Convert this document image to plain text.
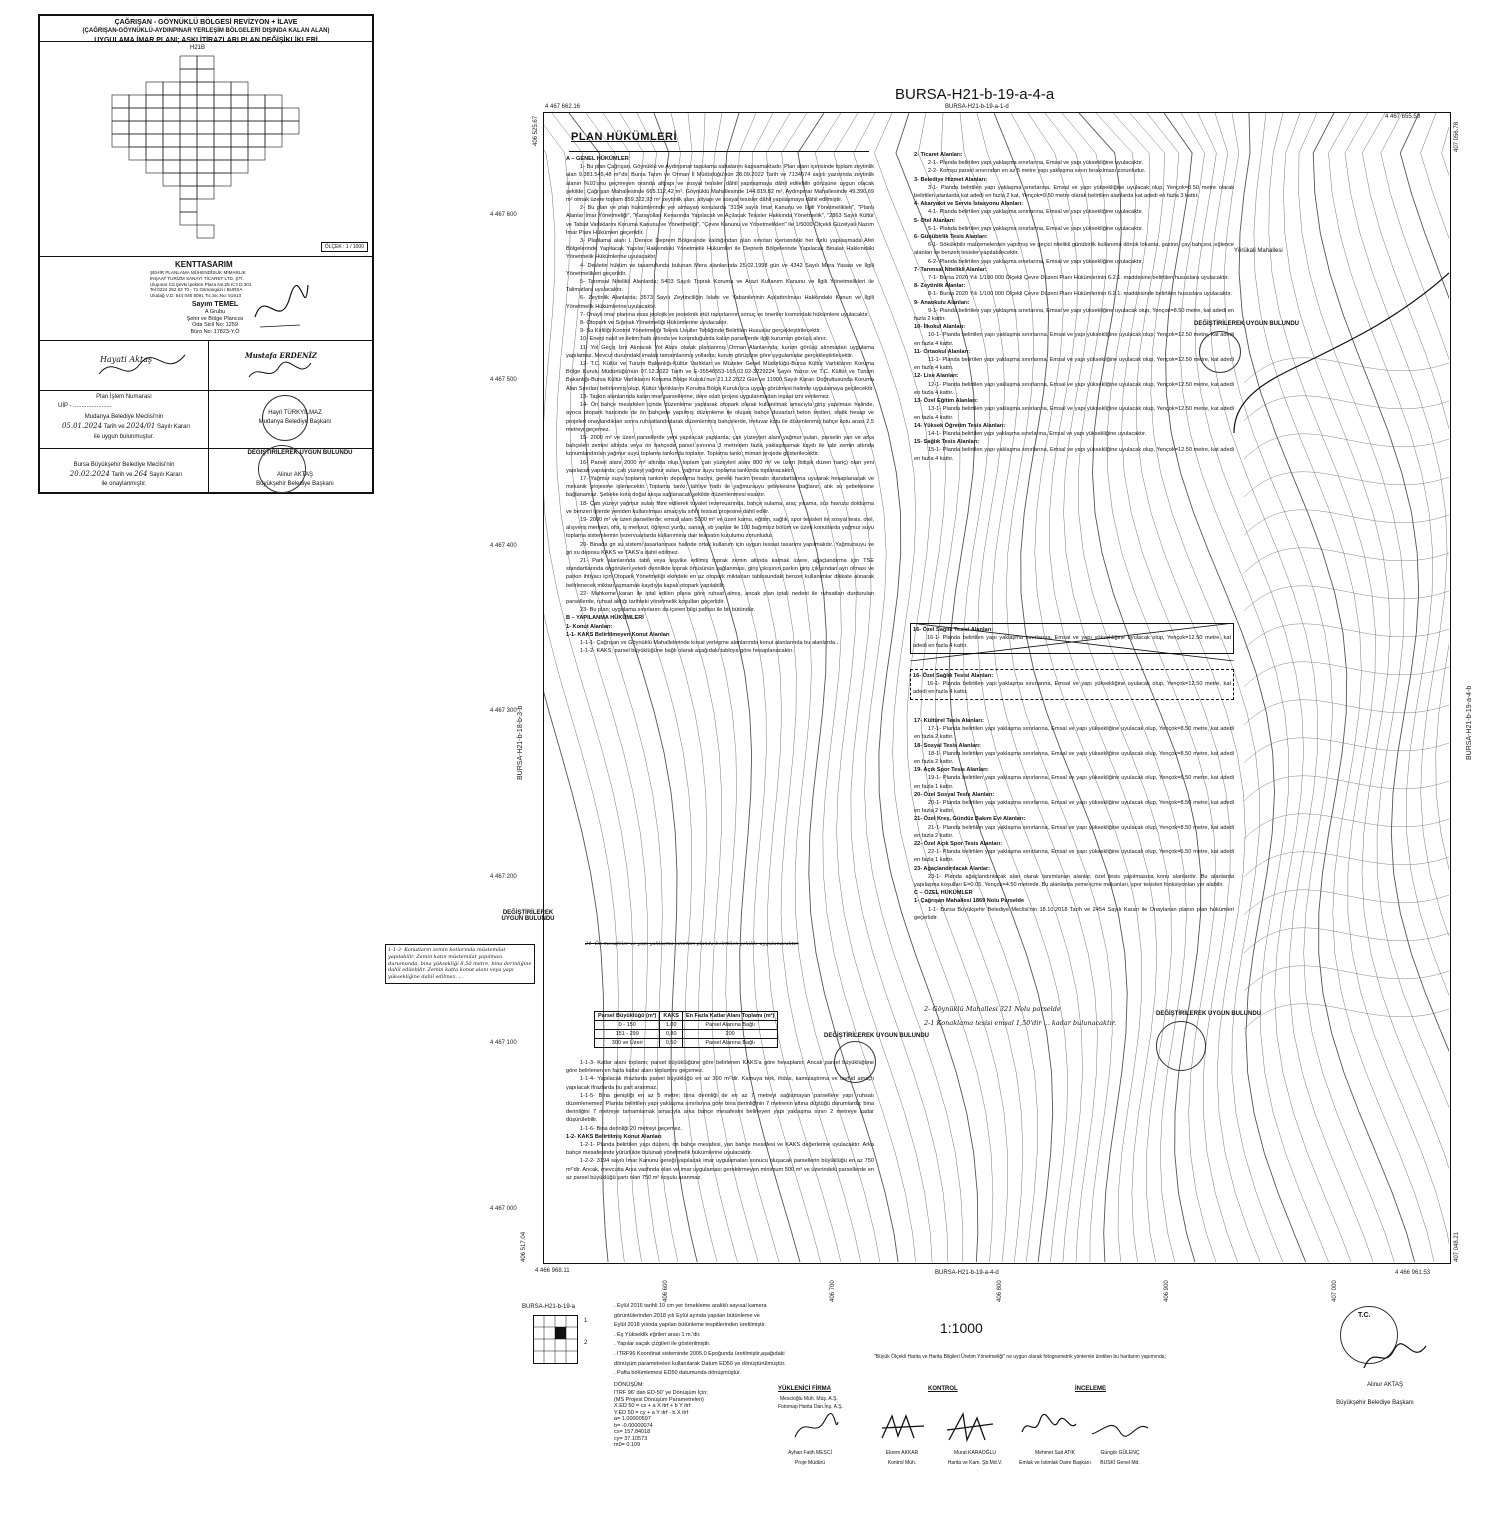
ÇAĞRIŞAN - GÖYNÜKLÜ BÖLGESİ REVİZYON + İLAVE
(ÇAĞRIŞAN-GÖYNÜKLÜ-AYDINPINAR YERLEŞİM BÖLGELERİ DIŞINDA KALAN ALAN)
UYGULAMA İMAR PLANI; ASKI İTİRAZLARI PLAN DEĞİŞİKLİKLERİ
H21B
ÖLÇEK : 1 / 1000
KENTTASARIM
ŞEHİR PLANLAMA MÜHENDİSLİK MİMARLIK
İNŞAAT TURİZM SANAYİ TİCARET LTD. ŞTİ.
Ulupınar Cd.Şevki İpekten Plaza No:28 K:3 D:301
Tel:0224 252 63 70 - 71 Osmangazi / BURSA
Uludağ V.D. 544 046 5091 Tic.Sic.No: 51913
Sayım TEMEL
A Grubu
Şehir ve Bölge Plancısı
Oda Sicil No: 1259
Büro No: 17823-Y.Ö
Hayati Aktaş	Mustafa ERDENİZ
Plan İşlem Numarası
UİP - .......................
Mudanya Belediye Meclisi'nin
05.01.2024 Tarih ve 2024/01 Sayılı Kararı
ile uygun bulunmuştur.
Hayri TÜRKYILMAZ
Mudanya Belediye Başkanı
Bursa Büyükşehir Belediye Meclisi'nin
20.02.2024 Tarih ve 264 Sayılı Kararı
ile onaylanmıştır.
DEĞİŞTİRİLEREK UYGUN BULUNDU
Alinur AKTAŞ
Büyükşehir Belediye Başkanı
BURSA-H21-b-19-a-4-a
BURSA-H21-b-19-a-1-d
4 467 662.16
4 467 655.58
4 466 968.11	4 466 961.53
406 525.67	407 056.78
406 517.04	407 048.21
BURSA-H21-b-19-a-4-d
BURSA-H21-b-18-b-3-b	BURSA-H21-b-19-a-4-b
4 467 600
4 467 500
4 467 400
4 467 300
4 467 200
4 467 100
4 467 000
406 600	406 700	406 800	406 900	407 000
Yörükali Mahallesi
PLAN HÜKÜMLERİ

A – GENEL HÜKÜMLER

1- Bu plan Çağrışan, Göynüklü ve Aydınpınar tapulama sahalarını kapsamaktadır. Plan alanı içerisinde toplam zeytinlik alan 9.381.545,48 m²'dir. Bursa Tarım ve Orman İl Müdürlüğü'nün 28.09.2022 Tarih ve 7134674 sayılı yazısında zeytinlik alanın %10'unu geçmeyen oranda altyapı ve sosyal tesisler dâhil yapılaşmaya dâhil edilebilir görüşüne uygun olacak şekilde; Çağrışan Mahallesinde 665.112,42 m², Göynüklü Mahallesinde 144.819,82 m², Aydınpınar Mahallesinde 49.390,69 m² olmak üzere toplam 859.322,93 m² zeytinlik alan, altyapı ve sosyal tesisler dâhil yapılaşmaya dâhil edilmiştir.

2- Bu plan ve plan hükümlerinde yer almayan konularda "3194 sayılı İmar Kanunu ve İlgili Yönetmelikleri", "Planlı Alanlar İmar Yönetmeliği", "Karayolları Kenarında Yapılacak ve Açılacak Tesisler Hakkında Yönetmelik", "2863 Sayılı Kültür ve Tabiat Varlıklarını Koruma Kanunu ve Yönetmeliği", "Çevre Kanunu ve Yönetmelikleri" ile 1/5000 Ölçekli Güzelyalı Nazım İmar Planı Hükümleri geçerlidir.

3- Planlama alanı I. Derece Deprem Bölgesinde kaldığından plan sınırları içerisindeki her türlü yapılaşmada Afet Bölgelerinde Yapılacak Yapılar Hakkındaki Yönetmelik Hükümleri ile Deprem Bölgelerinde Yapılacak Binalar Hakkındaki Yönetmelik Hükümlerine uyulacaktır.

4- Devletin hüküm ve tasarrufunda bulunan Mera alanlarında 25.02.1998 gün ve 4342 Sayılı Mera Yasası ve İlgili Yönetmelikleri geçerlidir.

5- Tarımsal Nitelikli Alanlarda; 5403 Sayılı Toprak Koruma ve Arazi Kullanım Kanunu ve İlgili Yönetmelikleri ile Talimatlara uyulacaktır.

6- Zeytinlik Alanlarda; 3573 Sayılı Zeytinciliğin Islahı ve Yabanilerinin Aşılattırılması Hakkındaki Kanun ve İlgili Yönetmelik Hükümlerine uyulacaktır.

7- Onaylı imar planına esas jeolojik ve jeoteknik etüt raporlarının sonuç ve öneriler kısmındaki hükümlere uyulacaktır.

8- Otopark ve Sığınak Yönetmeliği Hükümlerine uyulacaktır.

9- Su Kirliliği Kontrol Yönetmeliği Teknik Usuller Tebliğinde Belirtilen Hususlar gerçekleştirilecektir.

10- Enerji nakil ve iletim hattı altında ve korunduğunda kalan parsellerde ilgili kurumun görüşü alınır.

11- Yol Geçiş İzni Alınacak Yol Alanı olarak planlanmış Orman Alanlarında; kurum görüşü alınmadan uygulama yapılamaz. Mevcut durumdaki imalatı tamamlanmış yollarda; kurum görüşüne göre uygulamalar gerçekleştirilecektir.

12- T.C. Kültür ve Turizm Bakanlığı-Kültür Varlıkları ve Müzeler Genel Müdürlüğü-Bursa Kültür Varlıklarını Koruma Bölge Kurulu Müdürlüğü'nün 07.12.2022 Tarih ve E-35546553-165.02.02-3229224 Sayılı Yazısı ve T.C. Kültür ve Turizm Bakanlığı-Bursa Kültür Varlıklarını Koruma Bölge Kurulu'nun 21.12.2022 Gün ve 11900 Sayılı Kararı Doğrultusunda Koruma Alan Sınırları belirlenmiş olup, Kültür Varlıklarını Koruma Bölge Kurulu'nca uygun görülmesi halinde uygulamaya geçilecektir.

13- Taşkın alanlarında kalan imar parsellerine, dere ıslah projesi uygulanmadan inşaat izni verilemez.

14- Ön bahçe mesafeleri içinde düzenleme yapılarak otopark olarak kullanılmak amacıyla giriş yapılması halinde, ayrıca otopark haricinde de ön bahçede yapılmış düzenleme ile oluşan bahçe duvarları beton testleri, statik hesap ve projeleri onaylandıktan sonra ruhsatlandırılarak düzenlenmiş bahçelerde, tretuvar kotu ile düzenlenmiş bahçe kotu arası 2,5 metreyi geçemez.

15- 2000 m² ve üzeri parsellerde yeni yapılacak yapılarda; çatı yüzeyleri alanı yağmur suları, parselin yan ve arka bahçeleri zemini altında veya ön bahçede parsel sınırına 3 metreden fazla yaklaşmamak kaydı ile tabi zemin altında konumlandırılan yağmur suyu toplama tankında toplanır. Toplama tankı; mimari projede gösterilecektir.

16- Parsel alanı 2000 m² altında olup, toplam çatı yüzeyleri alanı 800 m² ve üzeri (bitişik düzen hariç) olan yeni yapılacak yapılarda; çatı yüzeyi yağmur suları, yağmur suyu toplama tankında toplanacaktır.

17- Yağmur suyu toplama tankının depolama hacmi, gerekli hacim hesabı standartlarına uyularak hesaplanacak ve mekanik projesine işlenecektir. Toplama tankı; tahliye hattı ile yağmursuyu şebekesine bağlanır, atık su şebekesine bağlanamaz. Şebeke kotu doğal akışa sağlanacak şekilde düzenlenmesi esastır.

18- Çatı yüzeyi yağmur suları filtre edilerek tuvalet rezervuarında, bahçe sulama, araç yıkama, süs havuzu doldurma ve benzeri işlerde yeniden kullanılması amacıyla sıhhi tesisat projesine dahil edilir.

19- 2000 m² ve üzeri parsellerde; emsal alanı 5000 m² ve üzeri kamu, eğitim, sağlık, spor tesisleri ile sosyal tesis, otel, alışveriş merkezi, ofis, iş merkezi, öğrenci yurdu, sanayi, vb yapılar ile 100 bağımsız bölüm ve üzeri konutlarda yağmur suyu toplama sistemlerinin rezervuarlarda kullanımına dair tesisatın kurulumu zorunludur.

20- Binada gri su sistemi tasarlanması halinde ortak kullanım için uygun tesisat tasarımı yapılmalıdır. Yağmursuyu ve gri su deposu KAKS ve TAKS'a dahil edilmez.

21- Park alanlarında tabii veya teşvike edilmiş toprak zemin altında kalmak üzere, ağaçlandırma için TSE standartlarında öngörülen yeterli derinlikte toprak örtüsünün sağlanması, giriş çıkışının parkın giriş çıkışından ayrı olması ve parkın ihtiyacı için Otopark Yönetmeliği ekindeki en az otopark miktarları tablosundaki benzer kullanımlar dikkate alınarak belirlenecek miktarı aşmamak kaydıyla kapalı otopark yapılabilir.

22- Mahkeme kararı ile iptal edilen plana göre ruhsat almış, ancak plan iptali nedeni ile ruhsatları durdurulan parsellerde, ruhsat aldığı tarihteki yönetmelik koşulları geçerlidir.

23- Bu plan; uygulama sınırlarını da içeren bilgi paftası ile bir bütündür.

B – YAPILANMA HÜKÜMLERİ

1- Konut Alanları:

1-1- KAKS Belirtilmeyen Konut Alanları

1-1-1- Çağrışan ve Göynüklü Mahallelerinde kırsal yerleşme alanlarında konut alanlarında bu alanlarda...

1-1-2- KAKS; parsel büyüklüğüne bağlı olarak aşağıdaki tabloya göre hesaplanacaktır.

Parsel Büyüklüğü (m²)	KAKS	En Fazla Katlar Alanı Toplamı (m²)
0 - 150	1,00	Parsel Alanına Bağlı
151 - 299	0,80	200
300 ve Üzeri	0,50	Parsel Alanına Bağlı

1-1-3- Katlar alanı toplamı; parsel büyüklüğüne göre belirlenen KAKS'a göre hesaplanır. Ancak parsel büyüklüğüne göre belirlenen en fazla katlar alanı toplamını geçemez.

1-1-4- Yapılacak ifrazlarda parsel büyüklüğü en az 300 m²'dir. Kamuya terk, ihdas, kamulaştırma ve tevhid amaçlı yapılacak ifrazlarda bu şart aranmaz.

1-1-5- Bina genişliği en az 5 metre; bina derinliği de en az 7 metreyi sağlamayan parsellere yapı ruhsatı düzenlenemez. Planda belirtilen yapı yaklaşma sınırlarına göre bina derinliğinin 7 metrenin altına düştüğü durumlarda; bina derinliğini 7 metreye tamamlamak amacıyla arka bahçe mesafesini belirleyen yapı yaklaşma sınırı 2 metreye kadar düşürülebilir.

1-1-6- Bina derinliği 20 metreyi geçemez.

1-2- KAKS Belirtilmiş Konut Alanları

1-2-1- Planda belirtilen yapı düzeni, ön bahçe mesafesi, yan bahçe mesafesi ve KAKS değerlerine uyulacaktır. Arka bahçe mesafesinde yürürlükte bulunan yönetmelik hükümlerine uyulacaktır.

1-2-2- 3194 sayılı İmar Kanunu gereği yapılacak imar uygulamaları sonucu oluşacak parsellerin büyüklüğü en az 750 m²'dir. Ancak, mevcutta Arsa vasfında olan ve imar uygulaması gerektirmeyen minimum 500 m² ve üzerindeki parsellerde en az parsel büyüklüğü şartı olan 750 m² koşulu aranmaz.

2- Ticaret Alanları:

2-1- Planda belirtilen yapı yaklaşma sınırlarına, Emsal ve yapı yüksekliğine uyulacaktır.

2-2- Komşu parsel sınırından en az 5 metre yapı yaklaşma sınırı bırakılması zorunludur.

3- Belediye Hizmet Alanları:

3-1- Planda belirtilen yapı yaklaşma sınırlarına, Emsal ve yapı yüksekliğine uyulacak olup, Yençok=8.50 metre olarak belirtilen alanlarda kat adedi en fazla 2 kat, Yençok=9.50 metre olarak belirtilen alanlarda kat adedi en fazla 3 kattır.

4- Akaryakıt ve Servis İstasyonu Alanları:

4-1- Planda belirtilen yapı yaklaşma sınırlarına, Emsal ve yapı yüksekliğine uyulacaktır.

5- Otel Alanları:

5-1- Planda belirtilen yapı yaklaşma sınırlarına, Emsal ve yapı yüksekliğine uyulacaktır.

6- Günübirlik Tesis Alanları:

6-1- Sökülebilir malzemelerden yapılmış ve geçici nitelikli günübirlik kullanıma dönük lokanta, gazino, çay bahçesi, eğlence alanları ve benzeri tesisler yapılabilecektir.

6-2- Planda belirtilen yapı yaklaşma sınırlarına, Emsal ve yapı yüksekliğine uyulacaktır.

7- Tarımsal Nitelikli Alanlar:

7-1- Bursa 2020 Yılı 1/100 000 Ölçekli Çevre Düzeni Planı Hükümlerinin 6.2.1. maddesine belirtilen hususlara uyulacaktır.

8- Zeytinlik Alanlar:

8-1- Bursa 2020 Yılı 1/100 000 Ölçekli Çevre Düzeni Planı Hükümlerinin 6.2.1. maddesinde belirtilen hususlara uyulacaktır.

9- Anaokulu Alanları:

9-1- Planda belirtilen yapı yaklaşma sınırlarına, Emsal ve yapı yüksekliğine uyulacak olup, Yençok=8.50 metre, kat adedi en fazla 2 kattır.

10- İlkokul Alanları:

10-1- Planda belirtilen yapı yaklaşma sınırlarına, Emsal ve yapı yüksekliğine uyulacak olup, Yençok=12.50 metre, kat adedi en fazla 4 kattır.

11- Ortaokul Alanları:

11-1- Planda belirtilen yapı yaklaşma sınırlarına, Emsal ve yapı yüksekliğine uyulacak olup, Yençok=12.50 metre, kat adedi en fazla 4 kattır.

12- Lise Alanları:

12-1- Planda belirtilen yapı yaklaşma sınırlarına, Emsal ve yapı yüksekliğine uyulacak olup, Yençok=12.50 metre, kat adedi en fazla 4 kattır.

13- Özel Eğitim Alanları:

13-1- Planda belirtilen yapı yaklaşma sınırlarına, Emsal ve yapı yüksekliğine uyulacak olup, Yençok=12.50 metre, kat adedi en fazla 4 kattır.

14- Yüksek Öğretim Tesis Alanları:

14-1- Planda belirtilen yapı yaklaşma sınırlarına, Emsal ve yapı yüksekliğine uyulacaktır.

15- Sağlık Tesis Alanları:

15-1- Planda belirtilen yapı yaklaşma sınırlarına, Emsal ve yapı yüksekliğine uyulacak olup, Yençok=12.50 metre, kat adedi en fazla 4 kattır.

16- Özel Sağlık Tesisi Alanları:

16-1- Planda belirtilen yapı yaklaşma sınırlarına, Emsal ve yapı yüksekliğine uyulacak olup, Yençok=12.50 metre, kat adedi en fazla 4 kattır.

16- Özel Sağlık Tesisi Alanları:

16-1- Planda belirtilen yapı yaklaşma sınırlarına, Emsal ve yapı yüksekliğine uyulacak olup, Yençok=12.50 metre, kat adedi en fazla 4 kattır.

17- Kültürel Tesis Alanları:

17-1- Planda belirtilen yapı yaklaşma sınırlarına, Emsal ve yapı yüksekliğine uyulacak olup, Yençok=8.50 metre, kat adedi en fazla 2 kattır.

18- Sosyal Tesis Alanları:

18-1- Planda belirtilen yapı yaklaşma sınırlarına, Emsal ve yapı yüksekliğine uyulacak olup, Yençok=8.50 metre, kat adedi en fazla 2 kattır.

19- Açık Spor Tesis Alanları:

19-1- Planda belirtilen yapı yaklaşma sınırlarına, Emsal ve yapı yüksekliğine uyulacak olup, Yençok=6.50 metre, kat adedi en fazla 1 kattır.

20- Özel Sosyal Tesis Alanları:

20-1- Planda belirtilen yapı yaklaşma sınırlarına, Emsal ve yapı yüksekliğine uyulacak olup, Yençok=8.50 metre, kat adedi en fazla 2 kattır.

21- Özel Kreş, Gündüz Bakım Evi Alanları:

21-1- Planda belirtilen yapı yaklaşma sınırlarına, Emsal ve yapı yüksekliğine uyulacak olup, Yençok=8.50 metre, kat adedi en fazla 2 kattır.

22- Özel Açık Spor Tesis Alanları:

22-1- Planda belirtilen yapı yaklaşma sınırlarına, Emsal ve yapı yüksekliğine uyulacak olup, Yençok=6.50 metre, kat adedi en fazla 1 kattır.

23- Ağaçlandırılacak Alanlar:

23-1- Planda ağaçlandırılacak alan olarak tanımlanan alanlar, özel tesis yapılmasına konu alanlardır. Bu alanlarda yapılaşma koşulları E=0.05, Yençok=4.50 metredir. Bu alanlarda yeme-içme mekanları, spor tesisleri fonksiyonları yer alabilir.

C – ÖZEL HÜKÜMLER

1- Çağrışan Mahallesi 1869 Nolu Parselde

1-1- Bursa Büyükşehir Belediye Meclisi'nin 18.10.2018 Tarih ve 2454 Sayılı Kararı ile Onaylanan planın plan hükümleri geçerlidir.

2- Göynüklü Mahallesi 321 Nolu parselde
2-1 Konaklama tesisi emsal 1,50'dir ... kadar bulunacaktır.
DEĞİŞTİRİLEREK UYGUN BULUNDU
DEĞİŞTİRİLEREK UYGUN BULUNDU
DEĞİŞTİRİLEREK UYGUN BULUNDU
DEĞİŞTİRİLEREK UYGUN BULUNDU
1-1-3- Konutların zemin kotlarında müstemilat yapılabilir. Zemin katın müstemilat yapılması durumunda, bina yüksekliği 8,50 metre, bina derinliğine dahil edilebilir. Zemin katta konut alanı veya yapı yüksekliğine dahil edilmez. ...
24- Ön mesafeler ve yapı yaklaşma sınırları planda belirtilen şekilde uygulanacaktır.
BURSA-H21-b-19-a
1
2
. Eylül 2016 tarihli 10 cm yer örnekleme aralıklı sayısal kamera
görüntülerinden,2018 yılı Eylül ayında yapılan bütünleme ve
Eylül 2018 yılında yapılan bütünleme tespitlerinden üretilmiştir.
. Eş Yükseklik eğrileri arası 1 m.'dir.
. Yapılar saçak çizgileri ile gösterilmiştir.
. ITRF96 Koordinat sisteminde 2005.0 Epoğunda üretilmiştir,aşağıdaki
dönüşüm parametreleri kullanılarak Datum ED50 ye dönüştürülmüştür.
. Pafta bölümlemesi ED50 datumunda dönüşmüştür.
DÖNÜŞÜM:
ITRF 96' dan ED-50' ye Dönüşüm İçin;
(MS Projesi Dönüşüm Parametreleri)
X.ED 50 = cx + a X itrf + b Y itrf
Y.ED 50 = cy + a Y itrf - b X itrf
a= 1.00000597
b= -0.00000074
cx= 157.84018
cy= 37.10573
m0= 0.109
1:1000
"Büyük Ölçekli Harita ve Harita Bilgileri Üretim Yönetmeliği" ne uygun olarak fotogrametrik yöntemle üretilen bu haritanın yapımında;
YÜKLENİCİ FİRMA
Mescioğlu Müh. Müş. A.Ş.
Fotomap Harita Dan.İnş. A.Ş.
KONTROL	İNCELEME
Ayhan Fatih MESCİ
Proje Müdürü
Ekrem AKKAR
Kontrol Müh.
Murat KARAOĞLU
Harita ve Kam. Şb.Md.V.
Mehmet Sait ATİK
Emlak ve İstimlak Daire Başkanı
Güngör GÜLENÇ
BUSKİ Genel Md.
T.C.
Alinur AKTAŞ
Büyükşehir Belediye Başkanı
